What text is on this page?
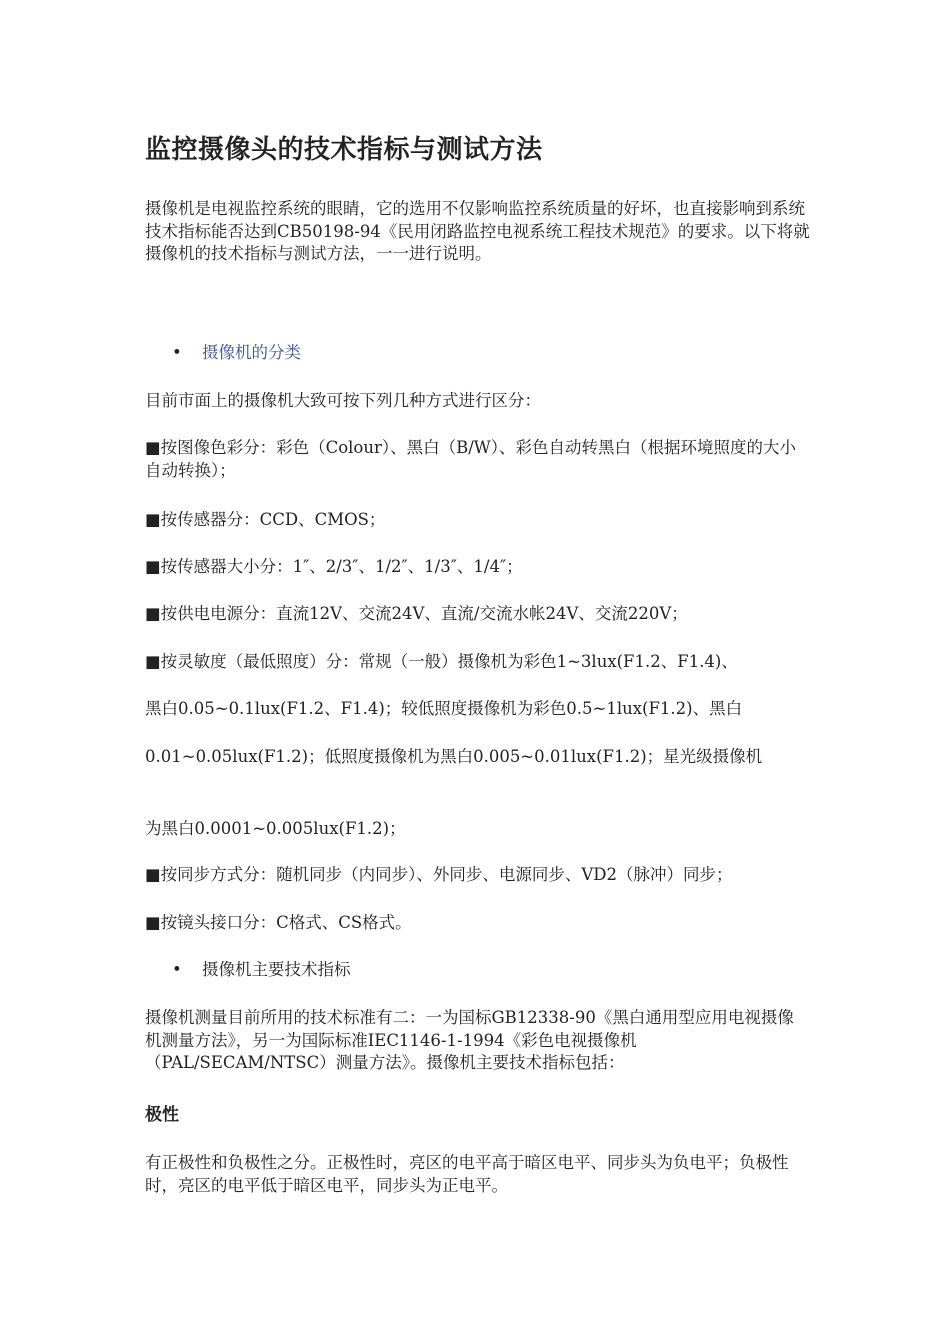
监控摄像头的技术指标与测试方法
摄像机是电视监控系统的眼睛，它的选用不仅影响监控系统质量的好坏，也直接影响到系统技术指标能否达到CB50198-94《民用闭路监控电视系统工程技术规范》的要求。以下将就摄像机的技术指标与测试方法，一一进行说明。
• 摄像机的分类
目前市面上的摄像机大致可按下列几种方式进行区分：
■按图像色彩分：彩色（Colour）、黑白（B/W）、彩色自动转黑白（根据环境照度的大小自动转换）；
■按传感器分：CCD、CMOS；
■按传感器大小分：1″、2/3″、1/2″、1/3″、1/4″；
■按供电电源分：直流12V、交流24V、直流/交流水帐24V、交流220V；
■按灵敏度（最低照度）分：常规（一般）摄像机为彩色1~3lux(F1.2、F1.4)、
黑白0.05~0.1lux(F1.2、F1.4)；较低照度摄像机为彩色0.5~1lux(F1.2)、黑白
0.01~0.05lux(F1.2)；低照度摄像机为黑白0.005~0.01lux(F1.2)；星光级摄像机
为黑白0.0001~0.005lux(F1.2)；
■按同步方式分：随机同步（内同步）、外同步、电源同步、VD2（脉冲）同步；
■按镜头接口分：C格式、CS格式。
• 摄像机主要技术指标
摄像机测量目前所用的技术标准有二：一为国标GB12338-90《黑白通用型应用电视摄像机测量方法》，另一为国际标准IEC1146-1-1994《彩色电视摄像机（PAL/SECAM/NTSC）测量方法》。摄像机主要技术指标包括：
极性
有正极性和负极性之分。正极性时，亮区的电平高于暗区电平、同步头为负电平；负极性时，亮区的电平低于暗区电平，同步头为正电平。
